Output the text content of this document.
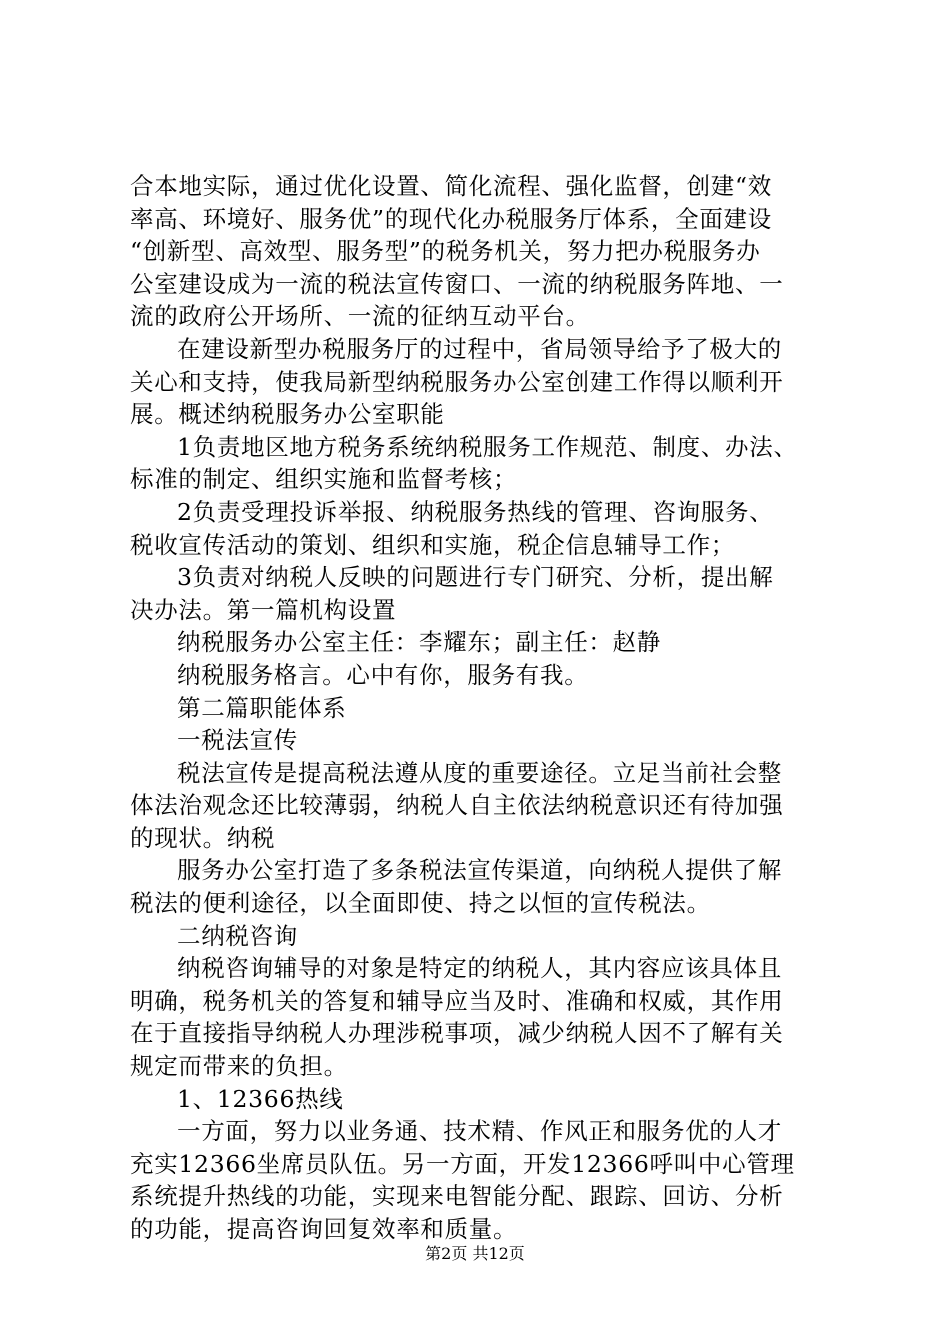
合本地实际，通过优化设置、简化流程、强化监督，创建“效
率高、环境好、服务优”的现代化办税服务厅体系，全面建设
“创新型、高效型、服务型”的税务机关，努力把办税服务办
公室建设成为一流的税法宣传窗口、一流的纳税服务阵地、一
流的政府公开场所、一流的征纳互动平台。
在建设新型办税服务厅的过程中，省局领导给予了极大的
关心和支持，使我局新型纳税服务办公室创建工作得以顺利开
展。概述纳税服务办公室职能
1负责地区地方税务系统纳税服务工作规范、制度、办法、
标准的制定、组织实施和监督考核；
2负责受理投诉举报、纳税服务热线的管理、咨询服务、
税收宣传活动的策划、组织和实施，税企信息辅导工作；
3负责对纳税人反映的问题进行专门研究、分析，提出解
决办法。第一篇机构设置
纳税服务办公室主任：李耀东；副主任：赵静
纳税服务格言。心中有你，服务有我。
第二篇职能体系
一税法宣传
税法宣传是提高税法遵从度的重要途径。立足当前社会整
体法治观念还比较薄弱，纳税人自主依法纳税意识还有待加强
的现状。纳税
服务办公室打造了多条税法宣传渠道，向纳税人提供了解
税法的便利途径，以全面即使、持之以恒的宣传税法。
二纳税咨询
纳税咨询辅导的对象是特定的纳税人，其内容应该具体且
明确，税务机关的答复和辅导应当及时、准确和权威，其作用
在于直接指导纳税人办理涉税事项，减少纳税人因不了解有关
规定而带来的负担。
1、12366热线
一方面，努力以业务通、技术精、作风正和服务优的人才
充实12366坐席员队伍。另一方面，开发12366呼叫中心管理
系统提升热线的功能，实现来电智能分配、跟踪、回访、分析
的功能，提高咨询回复效率和质量。
第2页 共12页
